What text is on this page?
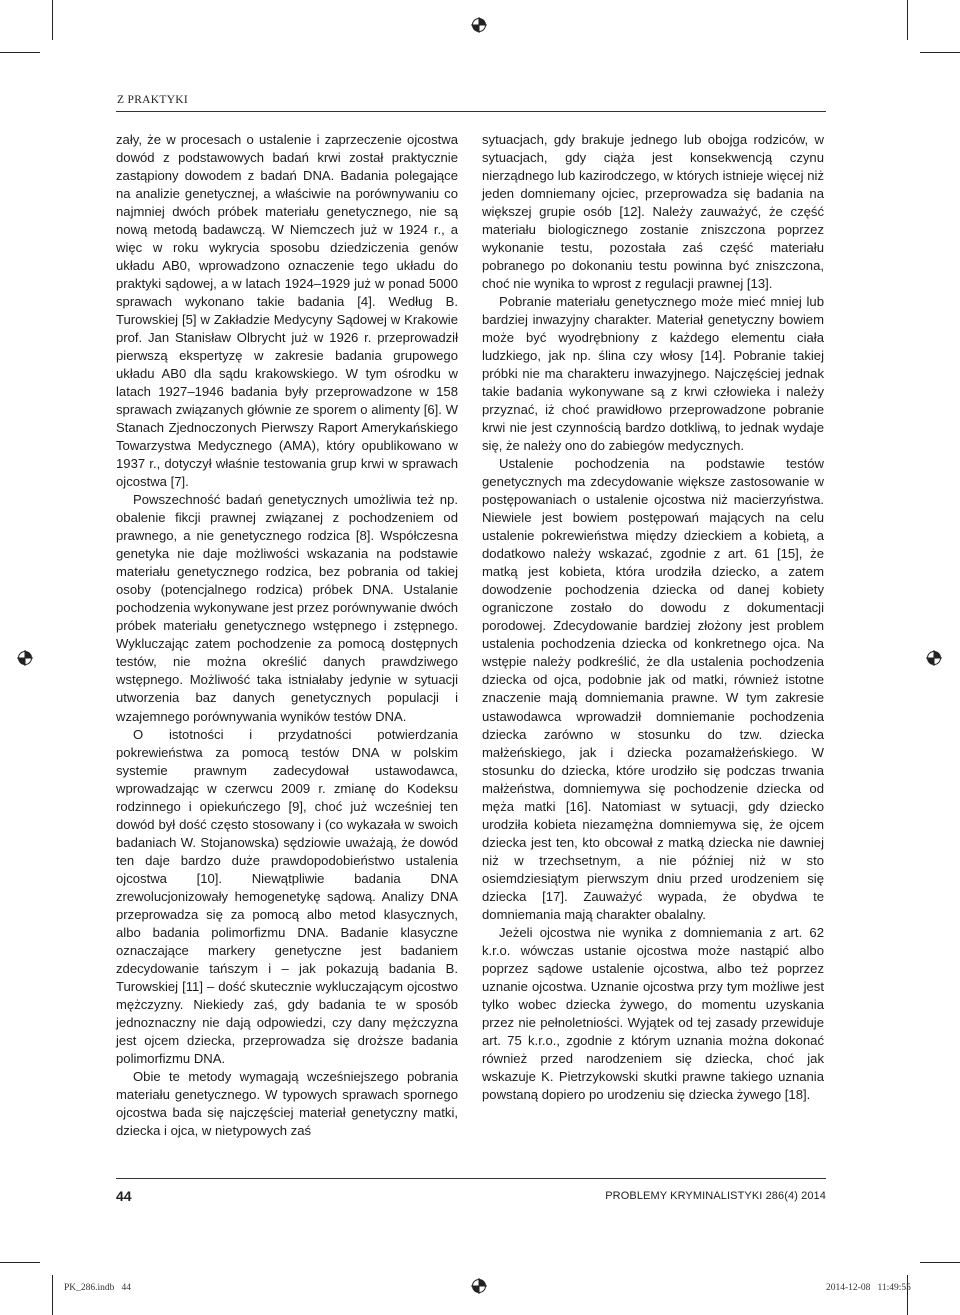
Z PRAKTYKI

zały, że w procesach o ustalenie i zaprzeczenie ojcostwa dowód z podstawowych badań krwi został praktycznie zastąpiony dowodem z badań DNA. Badania polegające na analizie genetycznej, a właściwie na porównywaniu co najmniej dwóch próbek materiału genetycznego, nie są nową metodą badawczą. W Niemczech już w 1924 r., a więc w roku wykrycia sposobu dziedziczenia genów układu AB0, wprowadzono oznaczenie tego układu do praktyki sądowej, a w latach 1924–1929 już w ponad 5000 sprawach wykonano takie badania [4]. Według B. Turowskiej [5] w Zakładzie Medycyny Sądowej w Krakowie prof. Jan Stanisław Olbrycht już w 1926 r. przeprowadził pierwszą ekspertyzę w zakresie badania grupowego układu AB0 dla sądu krakowskiego. W tym ośrodku w latach 1927–1946 badania były przeprowadzone w 158 sprawach związanych głównie ze sporem o alimenty [6]. W Stanach Zjednoczonych Pierwszy Raport Amerykańskiego Towarzystwa Medycznego (AMA), który opublikowano w 1937 r., dotyczył właśnie testowania grup krwi w sprawach ojcostwa [7].

Powszechność badań genetycznych umożliwia też np. obalenie fikcji prawnej związanej z pochodzeniem od prawnego, a nie genetycznego rodzica [8]. Współczesna genetyka nie daje możliwości wskazania na podstawie materiału genetycznego rodzica, bez pobrania od takiej osoby (potencjalnego rodzica) próbek DNA. Ustalanie pochodzenia wykonywane jest przez porównywanie dwóch próbek materiału genetycznego wstępnego i zstępnego. Wykluczając zatem pochodzenie za pomocą dostępnych testów, nie można określić danych prawdziwego wstępnego. Możliwość taka istniałaby jedynie w sytuacji utworzenia baz danych genetycznych populacji i wzajemnego porównywania wyników testów DNA.

O istotności i przydatności potwierdzania pokrewieństwa za pomocą testów DNA w polskim systemie prawnym zadecydował ustawodawca, wprowadzając w czerwcu 2009 r. zmianę do Kodeksu rodzinnego i opiekuńczego [9], choć już wcześniej ten dowód był dość często stosowany i (co wykazała w swoich badaniach W. Stojanowska) sędziowie uważają, że dowód ten daje bardzo duże prawdopodobieństwo ustalenia ojcostwa [10]. Niewątpliwie badania DNA zrewolucjonizowały hemogenetykę sądową. Analizy DNA przeprowadza się za pomocą albo metod klasycznych, albo badania polimorfizmu DNA. Badanie klasyczne oznaczające markery genetyczne jest badaniem zdecydowanie tańszym i – jak pokazują badania B. Turowskiej [11] – dość skutecznie wykluczającym ojcostwo mężczyzny. Niekiedy zaś, gdy badania te w sposób jednoznaczny nie dają odpowiedzi, czy dany mężczyzna jest ojcem dziecka, przeprowadza się droższe badania polimorfizmu DNA.

Obie te metody wymagają wcześniejszego pobrania materiału genetycznego. W typowych sprawach spornego ojcostwa bada się najczęściej materiał genetyczny matki, dziecka i ojca, w nietypowych zaś

sytuacjach, gdy brakuje jednego lub obojga rodziców, w sytuacjach, gdy ciąża jest konsekwencją czynu nierządnego lub kazirodczego, w których istnieje więcej niż jeden domniemany ojciec, przeprowadza się badania na większej grupie osób [12]. Należy zauważyć, że część materiału biologicznego zostanie zniszczona poprzez wykonanie testu, pozostała zaś część materiału pobranego po dokonaniu testu powinna być zniszczona, choć nie wynika to wprost z regulacji prawnej [13].

Pobranie materiału genetycznego może mieć mniej lub bardziej inwazyjny charakter. Materiał genetyczny bowiem może być wyodrębniony z każdego elementu ciała ludzkiego, jak np. ślina czy włosy [14]. Pobranie takiej próbki nie ma charakteru inwazyjnego. Najczęściej jednak takie badania wykonywane są z krwi człowieka i należy przyznać, iż choć prawidłowo przeprowadzone pobranie krwi nie jest czynnością bardzo dotkliwą, to jednak wydaje się, że należy ono do zabiegów medycznych.

Ustalenie pochodzenia na podstawie testów genetycznych ma zdecydowanie większe zastosowanie w postępowaniach o ustalenie ojcostwa niż macierzyństwa. Niewiele jest bowiem postępowań mających na celu ustalenie pokrewieństwa między dzieckiem a kobietą, a dodatkowo należy wskazać, zgodnie z art. 61 [15], że matką jest kobieta, która urodziła dziecko, a zatem dowodzenie pochodzenia dziecka od danej kobiety ograniczone zostało do dowodu z dokumentacji porodowej. Zdecydowanie bardziej złożony jest problem ustalenia pochodzenia dziecka od konkretnego ojca. Na wstępie należy podkreślić, że dla ustalenia pochodzenia dziecka od ojca, podobnie jak od matki, również istotne znaczenie mają domniemania prawne. W tym zakresie ustawodawca wprowadził domniemanie pochodzenia dziecka zarówno w stosunku do tzw. dziecka małżeńskiego, jak i dziecka pozamałżeńskiego. W stosunku do dziecka, które urodziło się podczas trwania małżeństwa, domniemywa się pochodzenie dziecka od męża matki [16]. Natomiast w sytuacji, gdy dziecko urodziła kobieta niezamężna domniemywa się, że ojcem dziecka jest ten, kto obcował z matką dziecka nie dawniej niż w trzechsetnym, a nie później niż w sto osiemdziesiątym pierwszym dniu przed urodzeniem się dziecka [17]. Zauważyć wypada, że obydwa te domniemania mają charakter obalalny.

Jeżeli ojcostwa nie wynika z domniemania z art. 62 k.r.o. wówczas ustanie ojcostwa może nastąpić albo poprzez sądowe ustalenie ojcostwa, albo też poprzez uznanie ojcostwa. Uznanie ojcostwa przy tym możliwe jest tylko wobec dziecka żywego, do momentu uzyskania przez nie pełnoletniości. Wyjątek od tej zasady przewiduje art. 75 k.r.o., zgodnie z którym uznania można dokonać również przed narodzeniem się dziecka, choć jak wskazuje K. Pietrzykowski skutki prawne takiego uznania powstaną dopiero po urodzeniu się dziecka żywego [18].

44	PROBLEMY KRYMINALISTYKI 286(4) 2014
PK_286.indb   44	2014-12-08   11:49:55
